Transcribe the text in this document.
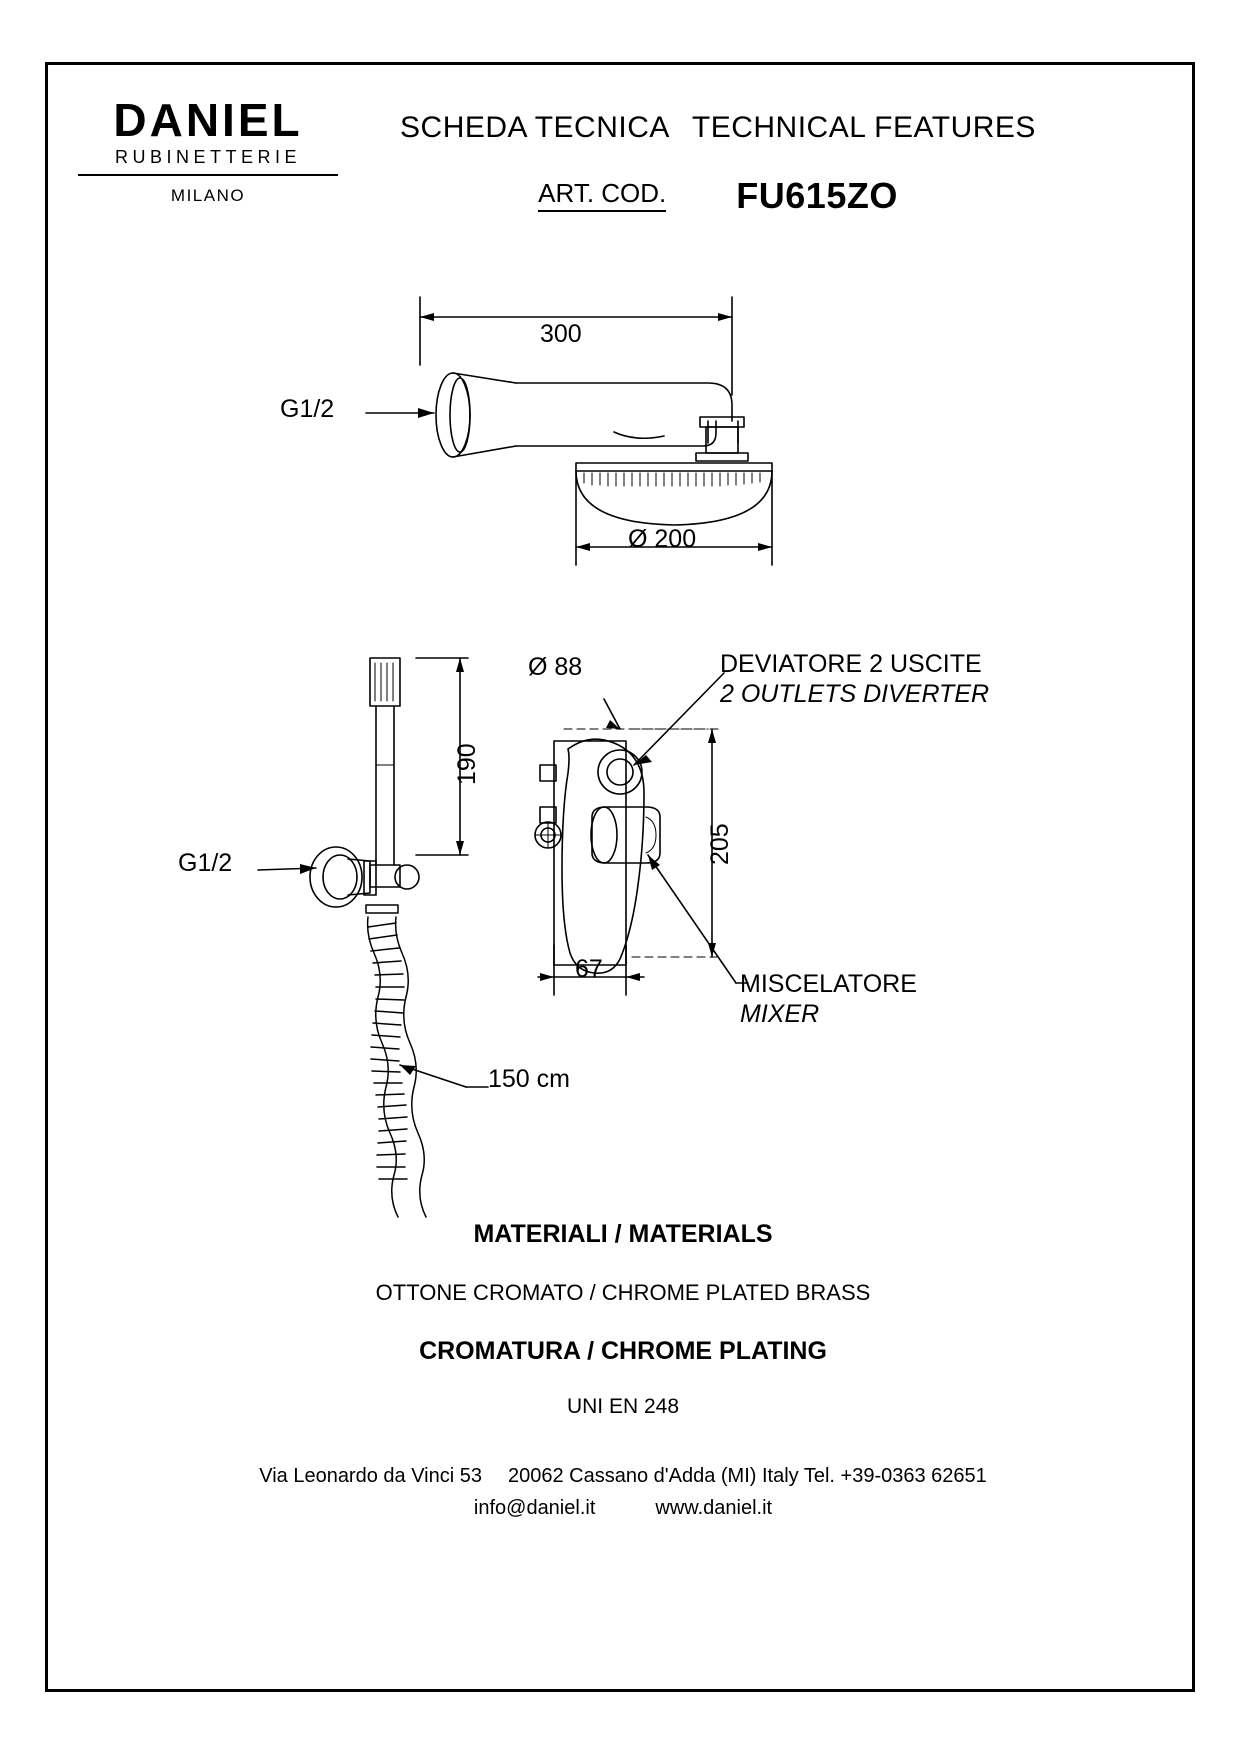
DANIEL
RUBINETTERIE
MILANO
SCHEDA TECNICA TECHNICAL FEATURES
ART. COD. FU615ZO
300
G1/2
Ø 200
190
G1/2
150 cm
Ø 88
205
67
DEVIATORE 2 USCITE
2 OUTLETS DIVERTER
MISCELATORE
MIXER
MATERIALI / MATERIALS
OTTONE CROMATO / CHROME PLATED BRASS
CROMATURA / CHROME PLATING
UNI EN 248
Via Leonardo da Vinci 53 20062 Cassano d'Adda (MI) Italy Tel. +39-0363 62651
info@daniel.it	www.daniel.it
